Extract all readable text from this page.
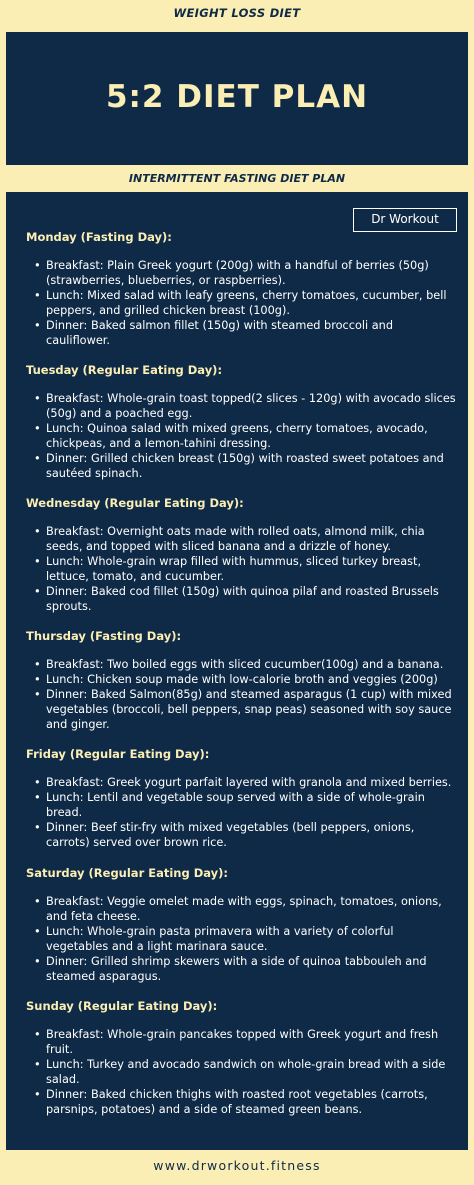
WEIGHT LOSS DIET
5:2 DIET PLAN
INTERMITTENT FASTING DIET PLAN
Dr Workout
Monday (Fasting Day):
• Breakfast: Plain Greek yogurt (200g) with a handful of berries (50g) (strawberries, blueberries, or raspberries).
• Lunch: Mixed salad with leafy greens, cherry tomatoes, cucumber, bell peppers, and grilled chicken breast (100g).
• Dinner: Baked salmon fillet (150g) with steamed broccoli and cauliflower.
Tuesday (Regular Eating Day):
• Breakfast: Whole-grain toast topped(2 slices - 120g) with avocado slices (50g) and a poached egg.
• Lunch: Quinoa salad with mixed greens, cherry tomatoes, avocado, chickpeas, and a lemon-tahini dressing.
• Dinner: Grilled chicken breast (150g) with roasted sweet potatoes and sautéed spinach.
Wednesday (Regular Eating Day):
• Breakfast: Overnight oats made with rolled oats, almond milk, chia seeds, and topped with sliced banana and a drizzle of honey.
• Lunch: Whole-grain wrap filled with hummus, sliced turkey breast, lettuce, tomato, and cucumber.
• Dinner: Baked cod fillet (150g) with quinoa pilaf and roasted Brussels sprouts.
Thursday (Fasting Day):
• Breakfast: Two boiled eggs with sliced cucumber(100g) and a banana.
• Lunch: Chicken soup made with low-calorie broth and veggies (200g)
• Dinner: Baked Salmon(85g) and steamed asparagus (1 cup) with mixed vegetables (broccoli, bell peppers, snap peas) seasoned with soy sauce and ginger.
Friday (Regular Eating Day):
• Breakfast: Greek yogurt parfait layered with granola and mixed berries.
• Lunch: Lentil and vegetable soup served with a side of whole-grain bread.
• Dinner: Beef stir-fry with mixed vegetables (bell peppers, onions, carrots) served over brown rice.
Saturday (Regular Eating Day):
• Breakfast: Veggie omelet made with eggs, spinach, tomatoes, onions, and feta cheese.
• Lunch: Whole-grain pasta primavera with a variety of colorful vegetables and a light marinara sauce.
• Dinner: Grilled shrimp skewers with a side of quinoa tabbouleh and steamed asparagus.
Sunday (Regular Eating Day):
• Breakfast: Whole-grain pancakes topped with Greek yogurt and fresh fruit.
• Lunch: Turkey and avocado sandwich on whole-grain bread with a side salad.
• Dinner: Baked chicken thighs with roasted root vegetables (carrots, parsnips, potatoes) and a side of steamed green beans.
www.drworkout.fitness
